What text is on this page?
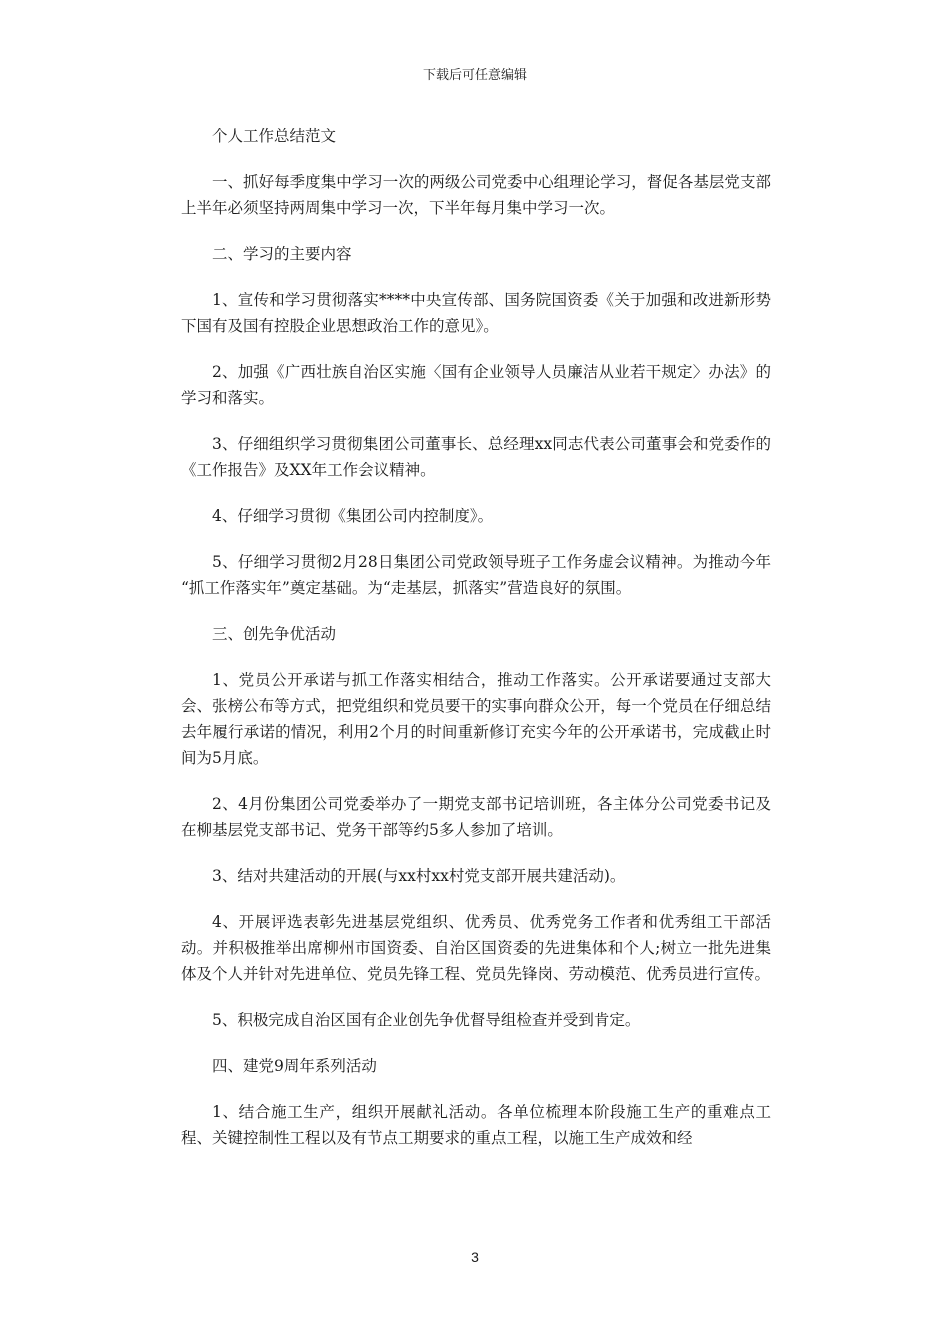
下载后可任意编辑

个人工作总结范文

一、抓好每季度集中学习一次的两级公司党委中心组理论学习，督促各基层党支部上半年必须坚持两周集中学习一次，下半年每月集中学习一次。

二、学习的主要内容

1、宣传和学习贯彻落实****中央宣传部、国务院国资委《关于加强和改进新形势下国有及国有控股企业思想政治工作的意见》。

2、加强《广西壮族自治区实施〈国有企业领导人员廉洁从业若干规定〉办法》的学习和落实。

3、仔细组织学习贯彻集团公司董事长、总经理xx同志代表公司董事会和党委作的《工作报告》及XX年工作会议精神。

4、仔细学习贯彻《集团公司内控制度》。

5、仔细学习贯彻2月28日集团公司党政领导班子工作务虚会议精神。为推动今年 “抓工作落实年”奠定基础。为“走基层，抓落实”营造良好的氛围。

三、创先争优活动

1、党员公开承诺与抓工作落实相结合，推动工作落实。公开承诺要通过支部大会、张榜公布等方式，把党组织和党员要干的实事向群众公开，每一个党员在仔细总结去年履行承诺的情况，利用2个月的时间重新修订充实今年的公开承诺书，完成截止时间为5月底。

2、4月份集团公司党委举办了一期党支部书记培训班，各主体分公司党委书记及在柳基层党支部书记、党务干部等约5多人参加了培训。

3、结对共建活动的开展(与xx村xx村党支部开展共建活动)。

4、开展评选表彰先进基层党组织、优秀员、优秀党务工作者和优秀组工干部活动。并积极推举出席柳州市国资委、自治区国资委的先进集体和个人;树立一批先进集体及个人并针对先进单位、党员先锋工程、党员先锋岗、劳动模范、优秀员进行宣传。

5、积极完成自治区国有企业创先争优督导组检查并受到肯定。

四、建党9周年系列活动

1、结合施工生产，组织开展献礼活动。各单位梳理本阶段施工生产的重难点工程、关键控制性工程以及有节点工期要求的重点工程，以施工生产成效和经

3
